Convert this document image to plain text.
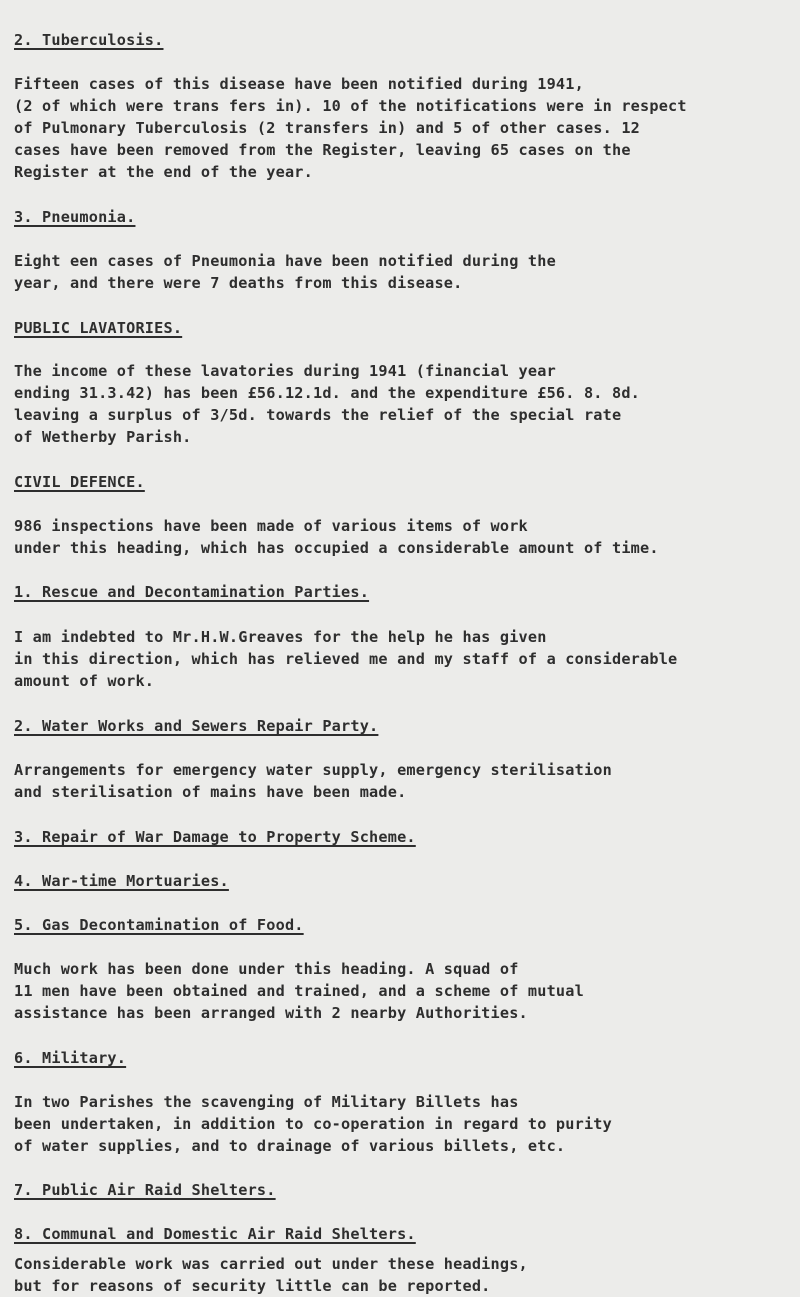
2. Tuberculosis.
Fifteen cases of this disease have been notified during 1941,
(2 of which were trans fers in). 10 of the notifications were in respect
of Pulmonary Tuberculosis (2 transfers in) and 5 of other cases. 12
cases have been removed from the Register, leaving 65 cases on the
Register at the end of the year.
3. Pneumonia.
Eight een cases of Pneumonia have been notified during the
year, and there were 7 deaths from this disease.
PUBLIC LAVATORIES.
The income of these lavatories during 1941 (financial year
ending 31.3.42) has been £56.12.1d. and the expenditure £56. 8. 8d.
leaving a surplus of 3/5d. towards the relief of the special rate
of Wetherby Parish.
CIVIL DEFENCE.
986 inspections have been made of various items of work
under this heading, which has occupied a considerable amount of time.
1. Rescue and Decontamination Parties.
I am indebted to Mr.H.W.Greaves for the help he has given
in this direction, which has relieved me and my staff of a considerable
amount of work.
2. Water Works and Sewers Repair Party.
Arrangements for emergency water supply, emergency sterilisation
and sterilisation of mains have been made.
3. Repair of War Damage to Property Scheme.
4. War-time Mortuaries.
5. Gas Decontamination of Food.
Much work has been done under this heading. A squad of
11 men have been obtained and trained, and a scheme of mutual
assistance has been arranged with 2 nearby Authorities.
6. Military.
In two Parishes the scavenging of Military Billets has
been undertaken, in addition to co-operation in regard to purity
of water supplies, and to drainage of various billets, etc.
7. Public Air Raid Shelters.
8. Communal and Domestic Air Raid Shelters.
Considerable work was carried out under these headings,
but for reasons of security little can be reported.
